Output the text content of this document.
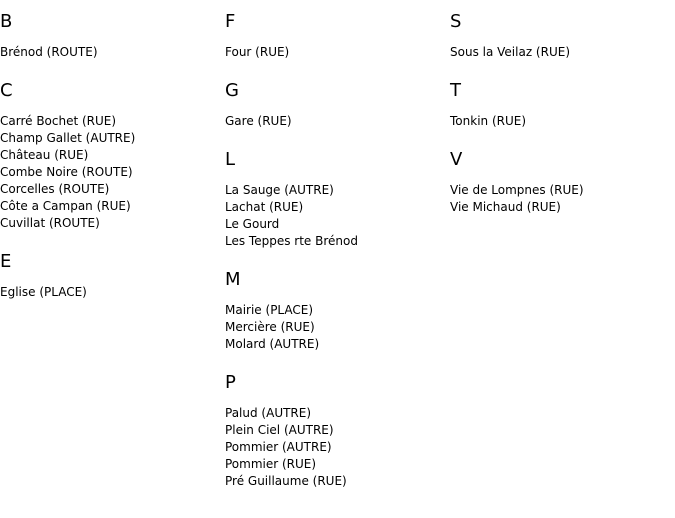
B
Brénod (ROUTE)
C
Carré Bochet (RUE)
Champ Gallet (AUTRE)
Château (RUE)
Combe Noire (ROUTE)
Corcelles (ROUTE)
Côte a Campan (RUE)
Cuvillat (ROUTE)
E
Eglise (PLACE)
F
Four (RUE)
G
Gare (RUE)
L
La Sauge (AUTRE)
Lachat (RUE)
Le Gourd
Les Teppes rte Brénod
M
Mairie (PLACE)
Mercière (RUE)
Molard (AUTRE)
P
Palud (AUTRE)
Plein Ciel (AUTRE)
Pommier (AUTRE)
Pommier (RUE)
Pré Guillaume (RUE)
S
Sous la Veilaz (RUE)
T
Tonkin (RUE)
V
Vie de Lompnes (RUE)
Vie Michaud (RUE)
